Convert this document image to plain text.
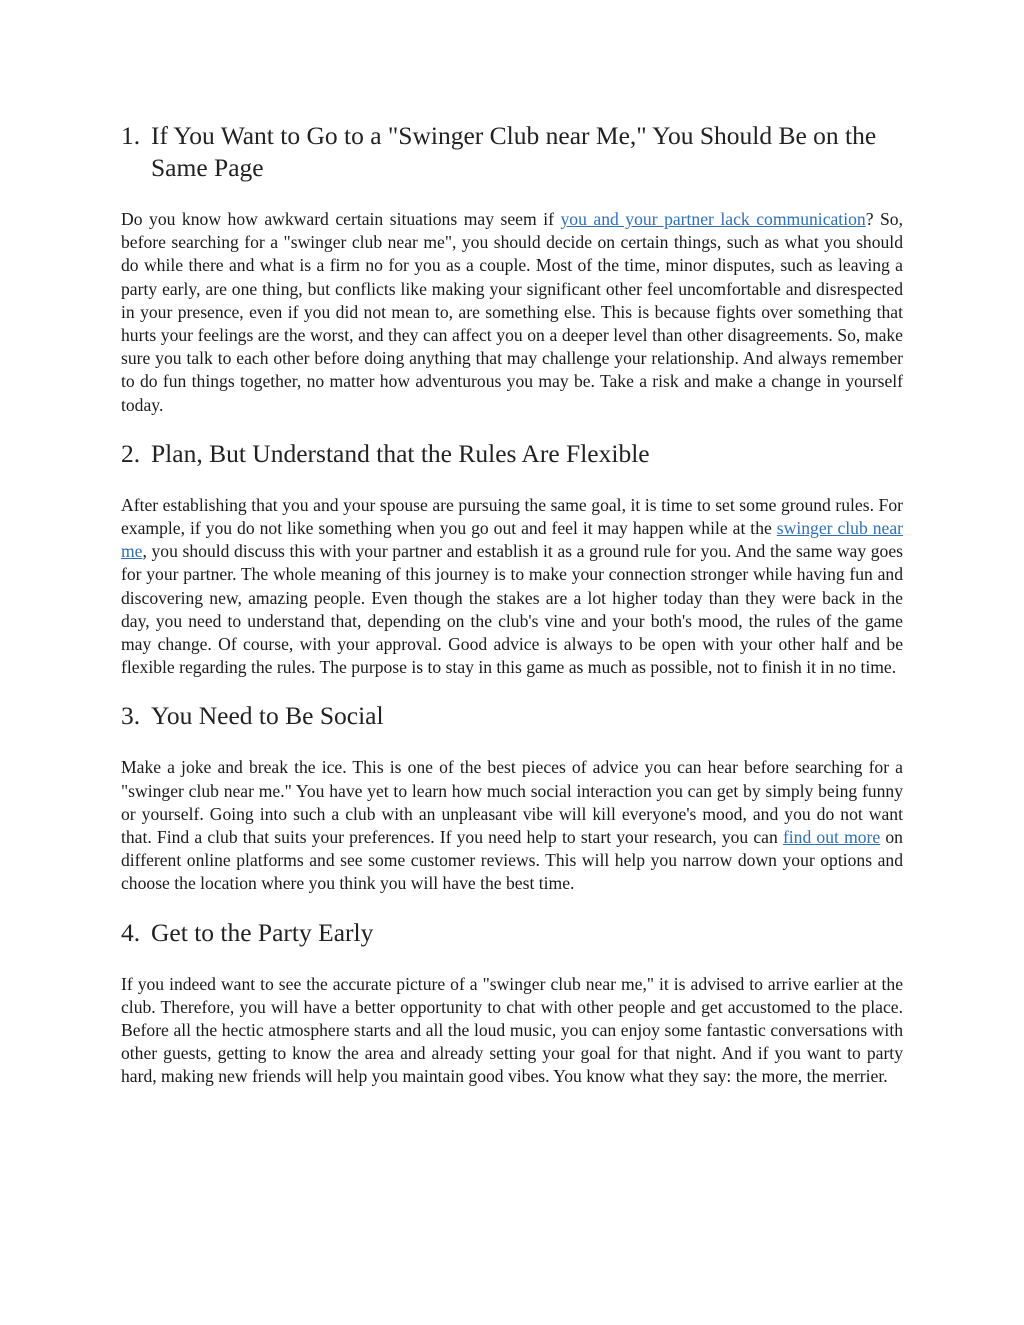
1. If You Want to Go to a "Swinger Club near Me," You Should Be on the Same Page

Do you know how awkward certain situations may seem if you and your partner lack communication? So, before searching for a "swinger club near me", you should decide on certain things, such as what you should do while there and what is a firm no for you as a couple. Most of the time, minor disputes, such as leaving a party early, are one thing, but conflicts like making your significant other feel uncomfortable and disrespected in your presence, even if you did not mean to, are something else. This is because fights over something that hurts your feelings are the worst, and they can affect you on a deeper level than other disagreements. So, make sure you talk to each other before doing anything that may challenge your relationship. And always remember to do fun things together, no matter how adventurous you may be. Take a risk and make a change in yourself today.

2. Plan, But Understand that the Rules Are Flexible

After establishing that you and your spouse are pursuing the same goal, it is time to set some ground rules. For example, if you do not like something when you go out and feel it may happen while at the swinger club near me, you should discuss this with your partner and establish it as a ground rule for you. And the same way goes for your partner. The whole meaning of this journey is to make your connection stronger while having fun and discovering new, amazing people. Even though the stakes are a lot higher today than they were back in the day, you need to understand that, depending on the club's vine and your both's mood, the rules of the game may change. Of course, with your approval. Good advice is always to be open with your other half and be flexible regarding the rules. The purpose is to stay in this game as much as possible, not to finish it in no time.

3. You Need to Be Social

Make a joke and break the ice. This is one of the best pieces of advice you can hear before searching for a "swinger club near me." You have yet to learn how much social interaction you can get by simply being funny or yourself. Going into such a club with an unpleasant vibe will kill everyone's mood, and you do not want that. Find a club that suits your preferences. If you need help to start your research, you can find out more on different online platforms and see some customer reviews. This will help you narrow down your options and choose the location where you think you will have the best time.

4. Get to the Party Early

If you indeed want to see the accurate picture of a "swinger club near me," it is advised to arrive earlier at the club. Therefore, you will have a better opportunity to chat with other people and get accustomed to the place. Before all the hectic atmosphere starts and all the loud music, you can enjoy some fantastic conversations with other guests, getting to know the area and already setting your goal for that night. And if you want to party hard, making new friends will help you maintain good vibes. You know what they say: the more, the merrier.
